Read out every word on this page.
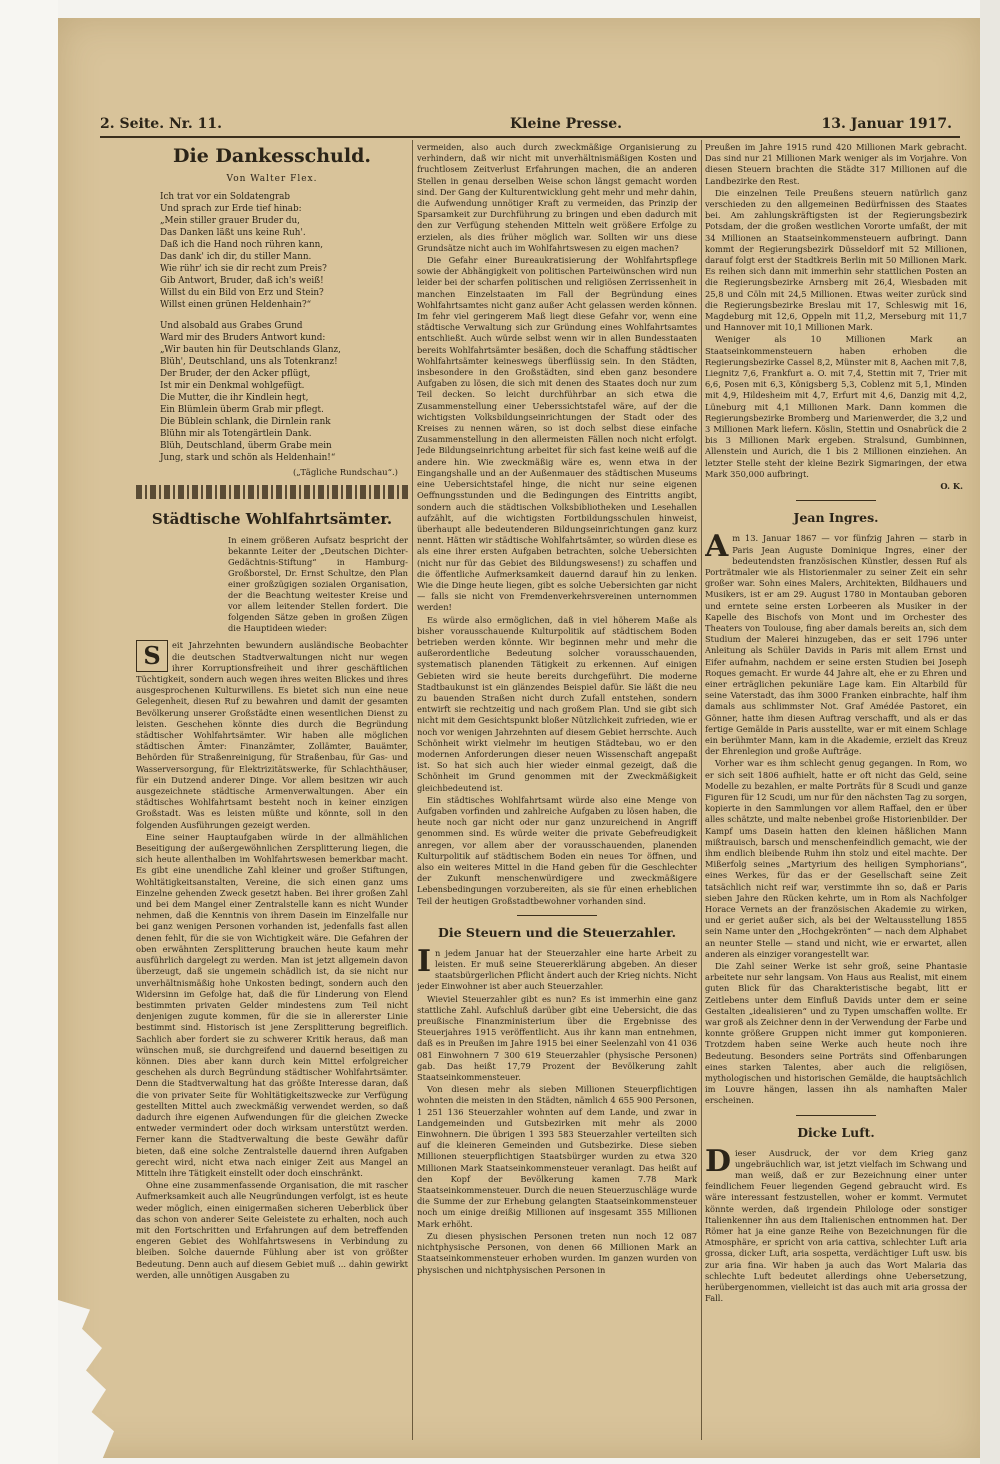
2. Seite. Nr. 11.	Kleine Presse.	13. Januar 1917.
Die Dankesschuld.
Von Walter Flex.
Ich trat vor ein Soldatengrab
Und sprach zur Erde tief hinab:
„Mein stiller grauer Bruder du,
Das Danken läßt uns keine Ruh'.
Daß ich die Hand noch rühren kann,
Das dank' ich dir, du stiller Mann.
Wie rühr' ich sie dir recht zum Preis?
Gib Antwort, Bruder, daß ich's weiß!
Willst du ein Bild von Erz und Stein?
Willst einen grünen Heldenhain?“
Und alsobald aus Grabes Grund
Ward mir des Bruders Antwort kund:
„Wir bauten hin für Deutschlands Glanz,
Blüh', Deutschland, uns als Totenkranz!
Der Bruder, der den Acker pflügt,
Ist mir ein Denkmal wohlgefügt.
Die Mutter, die ihr Kindlein hegt,
Ein Blümlein überm Grab mir pflegt.
Die Büblein schlank, die Dirnlein rank
Blühn mir als Totengärtlein Dank.
Blüh, Deutschland, überm Grabe mein
Jung, stark und schön als Heldenhain!“
(„Tägliche Rundschau“.)
Städtische Wohlfahrtsämter.
In einem größeren Aufsatz bespricht der bekannte Leiter der „Deutschen Dichter-Gedächtnis-Stiftung“ in Hamburg-Großborstel, Dr. Ernst Schultze, den Plan einer großzügigen sozialen Organisation, der die Beachtung weitester Kreise und vor allem leitender Stellen fordert. Die folgenden Sätze geben in großen Zügen die Hauptideen wieder:
S	eit Jahrzehnten bewundern ausländische Beobachter die deutschen Stadtverwaltungen nicht nur wegen ihrer Korruptionsfreiheit und ihrer geschäftlichen Tüchtigkeit, sondern auch wegen ihres weiten Blickes und ihres ausgesprochenen Kulturwillens. Es bietet sich nun eine neue Gelegenheit, diesen Ruf zu bewahren und damit der gesamten Bevölkerung unserer Großstädte einen wesentlichen Dienst zu leisten. Geschehen könnte dies durch die Begründung städtischer Wohlfahrtsämter. Wir haben alle möglichen städtischen Ämter: Finanzämter, Zollämter, Bauämter, Behörden für Straßenreinigung, für Straßenbau, für Gas- und Wasserversorgung, für Elektrizitätswerke, für Schlachthäuser, für ein Dutzend anderer Dinge. Vor allem besitzen wir auch ausgezeichnete städtische Armenverwaltungen. Aber ein städtisches Wohlfahrtsamt besteht noch in keiner einzigen Großstadt. Was es leisten müßte und könnte, soll in den folgenden Ausführungen gezeigt werden.

Eine seiner Hauptaufgaben würde in der allmählichen Beseitigung der außergewöhnlichen Zersplitterung liegen, die sich heute allenthalben im Wohlfahrtswesen bemerkbar macht. Es gibt eine unendliche Zahl kleiner und großer Stiftungen, Wohltätigkeitsanstalten, Vereine, die sich einen ganz ums Einzelne gehenden Zweck gesetzt haben. Bei ihrer großen Zahl und bei dem Mangel einer Zentralstelle kann es nicht Wunder nehmen, daß die Kenntnis von ihrem Dasein im Einzelfalle nur bei ganz wenigen Personen vorhanden ist, jedenfalls fast allen denen fehlt, für die sie von Wichtigkeit wäre. Die Gefahren der oben erwähnten Zersplitterung brauchen heute kaum mehr ausführlich dargelegt zu werden. Man ist jetzt allgemein davon überzeugt, daß sie ungemein schädlich ist, da sie nicht nur unverhältnismäßig hohe Unkosten bedingt, sondern auch den Widersinn im Gefolge hat, daß die für Linderung von Elend bestimmten privaten Gelder mindestens zum Teil nicht denjenigen zugute kommen, für die sie in allererster Linie bestimmt sind. Historisch ist jene Zersplitterung begreiflich. Sachlich aber fordert sie zu schwerer Kritik heraus, daß man wünschen muß, sie durchgreifend und dauernd beseitigen zu können. Dies aber kann durch kein Mittel erfolgreicher geschehen als durch Begründung städtischer Wohlfahrtsämter. Denn die Stadtverwaltung hat das größte Interesse daran, daß die von privater Seite für Wohltätigkeitszwecke zur Verfügung gestellten Mittel auch zweckmäßig verwendet werden, so daß dadurch ihre eigenen Aufwendungen für die gleichen Zwecke entweder vermindert oder doch wirksam unterstützt werden. Ferner kann die Stadtverwaltung die beste Gewähr dafür bieten, daß eine solche Zentralstelle dauernd ihren Aufgaben gerecht wird, nicht etwa nach einiger Zeit aus Mangel an Mitteln ihre Tätigkeit einstellt oder doch einschränkt.

Ohne eine zusammenfassende Organisation, die mit rascher Aufmerksamkeit auch alle Neugründungen verfolgt, ist es heute weder möglich, einen einigermaßen sicheren Ueberblick über das schon von anderer Seite Geleistete zu erhalten, noch auch mit den Fortschritten und Erfahrungen auf dem betreffenden engeren Gebiet des Wohlfahrtswesens in Verbindung zu bleiben. Solche dauernde Fühlung aber ist von größter Bedeutung. Denn auch auf diesem Gebiet muß ... dahin gewirkt werden, alle unnötigen Ausgaben zu

vermeiden, also auch durch zweckmäßige Organisierung zu verhindern, daß wir nicht mit unverhältnismäßigen Kosten und fruchtlosem Zeitverlust Erfahrungen machen, die an anderen Stellen in genau derselben Weise schon längst gemacht worden sind. Der Gang der Kulturentwicklung geht mehr und mehr dahin, die Aufwendung unnötiger Kraft zu vermeiden, das Prinzip der Sparsamkeit zur Durchführung zu bringen und eben dadurch mit den zur Verfügung stehenden Mitteln weit größere Erfolge zu erzielen, als dies früher möglich war. Sollten wir uns diese Grundsätze nicht auch im Wohlfahrtswesen zu eigen machen?

Die Gefahr einer Bureaukratisierung der Wohlfahrtspflege sowie der Abhängigkeit von politischen Parteiwünschen wird nun leider bei der scharfen politischen und religiösen Zerrissenheit in manchen Einzelstaaten im Fall der Begründung eines Wohlfahrtsamtes nicht ganz außer Acht gelassen werden können. Im fehr viel geringerem Maß liegt diese Gefahr vor, wenn eine städtische Verwaltung sich zur Gründung eines Wohlfahrtsamtes entschließt. Auch würde selbst wenn wir in allen Bundesstaaten bereits Wohlfahrtsämter besäßen, doch die Schaffung städtischer Wohlfahrtsämter keineswegs überflüssig sein. In den Städten, insbesondere in den Großstädten, sind eben ganz besondere Aufgaben zu lösen, die sich mit denen des Staates doch nur zum Teil decken. So leicht durchführbar an sich etwa die Zusammenstellung einer Ueberssichtstafel wäre, auf der die wichtigsten Volksbildungseinrichtungen der Stadt oder des Kreises zu nennen wären, so ist doch selbst diese einfache Zusammenstellung in den allermeisten Fällen noch nicht erfolgt. Jede Bildungseinrichtung arbeitet für sich fast keine weiß auf die andere hin. Wie zweckmäßig wäre es, wenn etwa in der Eingangshalle und an der Außenmauer des städtischen Museums eine Uebersichtstafel hinge, die nicht nur seine eigenen Oeffnungsstunden und die Bedingungen des Eintritts angibt, sondern auch die städtischen Volksbibliotheken und Lesehallen aufzählt, auf die wichtigsten Fortbildungsschulen hinweist, überhaupt alle bedeutenderen Bildungseinrichtungen ganz kurz nennt. Hätten wir städtische Wohlfahrtsämter, so würden diese es als eine ihrer ersten Aufgaben betrachten, solche Uebersichten (nicht nur für das Gebiet des Bildungswesens!) zu schaffen und die öffentliche Aufmerksamkeit dauernd darauf hin zu lenken. Wie die Dinge heute liegen, gibt es solche Uebersichten gar nicht — falls sie nicht von Fremdenverkehrsvereinen unternommen werden!

Es würde also ermöglichen, daß in viel höherem Maße als bisher vorausschauende Kulturpolitik auf städtischem Boden betrieben werden könnte. Wir beginnen mehr und mehr die außerordentliche Bedeutung solcher vorausschauenden, systematisch planenden Tätigkeit zu erkennen. Auf einigen Gebieten wird sie heute bereits durchgeführt. Die moderne Stadtbaukunst ist ein glänzendes Beispiel dafür. Sie läßt die neu zu bauenden Straßen nicht durch Zufall entstehen, sondern entwirft sie rechtzeitig und nach großem Plan. Und sie gibt sich nicht mit dem Gesichtspunkt bloßer Nützlichkeit zufrieden, wie er noch vor wenigen Jahrzehnten auf diesem Gebiet herrschte. Auch Schönheit wirkt vielmehr im heutigen Städtebau, wo er den modernen Anforderungen dieser neuen Wissenschaft angepaßt ist. So hat sich auch hier wieder einmal gezeigt, daß die Schönheit im Grund genommen mit der Zweckmäßigkeit gleichbedeutend ist.

Ein städtisches Wohlfahrtsamt würde also eine Menge von Aufgaben vorfinden und zahlreiche Aufgaben zu lösen haben, die heute noch gar nicht oder nur ganz unzureichend in Angriff genommen sind. Es würde weiter die private Gebefreudigkeit anregen, vor allem aber der vorausschauenden, planenden Kulturpolitik auf städtischem Boden ein neues Tor öffnen, und also ein weiteres Mittel in die Hand geben für die Geschlechter der Zukunft menschenwürdigere und zweckmäßigere Lebensbedingungen vorzubereiten, als sie für einen erheblichen Teil der heutigen Großstadtbewohner vorhanden sind.

Die Steuern und die Steuerzahler.
I n jedem Januar hat der Steuerzahler eine harte Arbeit zu leisten. Er muß seine Steuererklärung abgeben. An dieser staatsbürgerlichen Pflicht ändert auch der Krieg nichts. Nicht jeder Einwohner ist aber auch Steuerzahler.

Wieviel Steuerzahler gibt es nun? Es ist immerhin eine ganz stattliche Zahl. Aufschluß darüber gibt eine Uebersicht, die das preußische Finanzministerium über die Ergebnisse des Steuerjahres 1915 veröffentlicht. Aus ihr kann man entnehmen, daß es in Preußen im Jahre 1915 bei einer Seelenzahl von 41 036 081 Einwohnern 7 300 619 Steuerzahler (physische Personen) gab. Das heißt 17,79 Prozent der Bevölkerung zahlt Staatseinkommensteuer.

Von diesen mehr als sieben Millionen Steuerpflichtigen wohnten die meisten in den Städten, nämlich 4 655 900 Personen, 1 251 136 Steuerzahler wohnten auf dem Lande, und zwar in Landgemeinden und Gutsbezirken mit mehr als 2000 Einwohnern. Die übrigen 1 393 583 Steuerzahler verteilten sich auf die kleineren Gemeinden und Gutsbezirke. Diese sieben Millionen steuerpflichtigen Staatsbürger wurden zu etwa 320 Millionen Mark Staatseinkommensteuer veranlagt. Das heißt auf den Kopf der Bevölkerung kamen 7.78 Mark Staatseinkommensteuer. Durch die neuen Steuerzuschläge wurde die Summe der zur Erhebung gelangten Staatseinkommensteuer noch um einige dreißig Millionen auf insgesamt 355 Millionen Mark erhöht.

Zu diesen physischen Personen treten nun noch 12 087 nichtphysische Personen, von denen 66 Millionen Mark an Staatseinkommensteuer erhoben wurden. Im ganzen wurden von physischen und nichtphysischen Personen in

Preußen im Jahre 1915 rund 420 Millionen Mark gebracht. Das sind nur 21 Millionen Mark weniger als im Vorjahre. Von diesen Steuern brachten die Städte 317 Millionen auf die Landbezirke den Rest.

Die einzelnen Teile Preußens steuern natürlich ganz verschieden zu den allgemeinen Bedürfnissen des Staates bei. Am zahlungskräftigsten ist der Regierungsbezirk Potsdam, der die großen westlichen Vororte umfaßt, der mit 34 Millionen an Staatseinkommensteuern aufbringt. Dann kommt der Regierungsbezirk Düsseldorf mit 52 Millionen, darauf folgt erst der Stadtkreis Berlin mit 50 Millionen Mark. Es reihen sich dann mit immerhin sehr stattlichen Posten an die Regierungsbezirke Arnsberg mit 26,4, Wiesbaden mit 25,8 und Cöln mit 24,5 Millionen. Etwas weiter zurück sind die Regierungsbezirke Breslau mit 17, Schleswig mit 16, Magdeburg mit 12,6, Oppeln mit 11,2, Merseburg mit 11,7 und Hannover mit 10,1 Millionen Mark.

Weniger als 10 Millionen Mark an Staatseinkommensteuern haben erhoben die Regierungsbezirke Cassel 8,2, Münster mit 8, Aachen mit 7,8, Liegnitz 7,6, Frankfurt a. O. mit 7,4, Stettin mit 7, Trier mit 6,6, Posen mit 6,3, Königsberg 5,3, Coblenz mit 5,1, Minden mit 4,9, Hildesheim mit 4,7, Erfurt mit 4,6, Danzig mit 4,2, Lüneburg mit 4,1 Millionen Mark. Dann kommen die Regierungsbezirke Bromberg und Marienwerder, die 3,2 und 3 Millionen Mark liefern. Köslin, Stettin und Osnabrück die 2 bis 3 Millionen Mark ergeben. Stralsund, Gumbinnen, Allenstein und Aurich, die 1 bis 2 Millionen einziehen. An letzter Stelle steht der kleine Bezirk Sigmaringen, der etwa Mark 350,000 aufbringt.

O. K.
Jean Ingres.
A m 13. Januar 1867 — vor fünfzig Jahren — starb in Paris Jean Auguste Dominique Ingres, einer der bedeutendsten französischen Künstler, dessen Ruf als Porträtmaler wie als Historienmaler zu seiner Zeit ein sehr großer war. Sohn eines Malers, Architekten, Bildhauers und Musikers, ist er am 29. August 1780 in Montauban geboren und erntete seine ersten Lorbeeren als Musiker in der Kapelle des Bischofs von Mont und im Orchester des Theaters von Toulouse, fing aber damals bereits an, sich dem Studium der Malerei hinzugeben, das er seit 1796 unter Anleitung als Schüler Davids in Paris mit allem Ernst und Eifer aufnahm, nachdem er seine ersten Studien bei Joseph Roques gemacht. Er wurde 44 Jahre alt, ehe er zu Ehren und einer erträglichen pekuniäre Lage kam. Ein Altarbild für seine Vaterstadt, das ihm 3000 Franken einbrachte, half ihm damals aus schlimmster Not. Graf Amédée Pastoret, ein Gönner, hatte ihm diesen Auftrag verschafft, und als er das fertige Gemälde in Paris ausstellte, war er mit einem Schlage ein berühmter Mann, kam in die Akademie, erzielt das Kreuz der Ehrenlegion und große Aufträge.

Vorher war es ihm schlecht genug gegangen. In Rom, wo er sich seit 1806 aufhielt, hatte er oft nicht das Geld, seine Modelle zu bezahlen, er malte Porträts für 8 Scudi und ganze Figuren für 12 Scudi, um nur für den nächsten Tag zu sorgen, kopierte in den Sammlungen vor allem Raffael, den er über alles schätzte, und malte nebenbei große Historienbilder. Der Kampf ums Dasein hatten den kleinen häßlichen Mann mißtrauisch, barsch und menschenfeindlich gemacht, wie der ihm endlich bleibende Ruhm ihn stolz und eitel machte. Der Mißerfolg seines „Martyrium des heiligen Symphorians“, eines Werkes, für das er der Gesellschaft seine Zeit tatsächlich nicht reif war, verstimmte ihn so, daß er Paris sieben Jahre den Rücken kehrte, um in Rom als Nachfolger Horace Vernets an der französischen Akademie zu wirken, und er geriet außer sich, als bei der Weltausstellung 1855 sein Name unter den „Hochgekrönten“ — nach dem Alphabet an neunter Stelle — stand und nicht, wie er erwartet, allen anderen als einziger vorangestellt war.

Die Zahl seiner Werke ist sehr groß, seine Phantasie arbeitete nur sehr langsam. Von Haus aus Realist, mit einem guten Blick für das Charakteristische begabt, litt er Zeitlebens unter dem Einfluß Davids unter dem er seine Gestalten „idealisieren“ und zu Typen umschaffen wollte. Er war groß als Zeichner denn in der Verwendung der Farbe und konnte größere Gruppen nicht immer gut komponieren. Trotzdem haben seine Werke auch heute noch ihre Bedeutung. Besonders seine Porträts sind Offenbarungen eines starken Talentes, aber auch die religiösen, mythologischen und historischen Gemälde, die hauptsächlich im Louvre hängen, lassen ihn als namhaften Maler erscheinen.

Dicke Luft.
D ieser Ausdruck, der vor dem Krieg ganz ungebräuchlich war, ist jetzt vielfach im Schwang und man weiß, daß er zur Bezeichnung einer unter feindlichem Feuer liegenden Gegend gebraucht wird. Es wäre interessant festzustellen, woher er kommt. Vermutet könnte werden, daß irgendein Philologe oder sonstiger Italienkenner ihn aus dem Italienischen entnommen hat. Der Römer hat ja eine ganze Reihe von Bezeichnungen für die Atmosphäre, er spricht von aria cattiva, schlechter Luft aria grossa, dicker Luft, aria sospetta, verdächtiger Luft usw. bis zur aria fina. Wir haben ja auch das Wort Malaria das schlechte Luft bedeutet allerdings ohne Uebersetzung, herübergenommen, vielleicht ist das auch mit aria grossa der Fall.
